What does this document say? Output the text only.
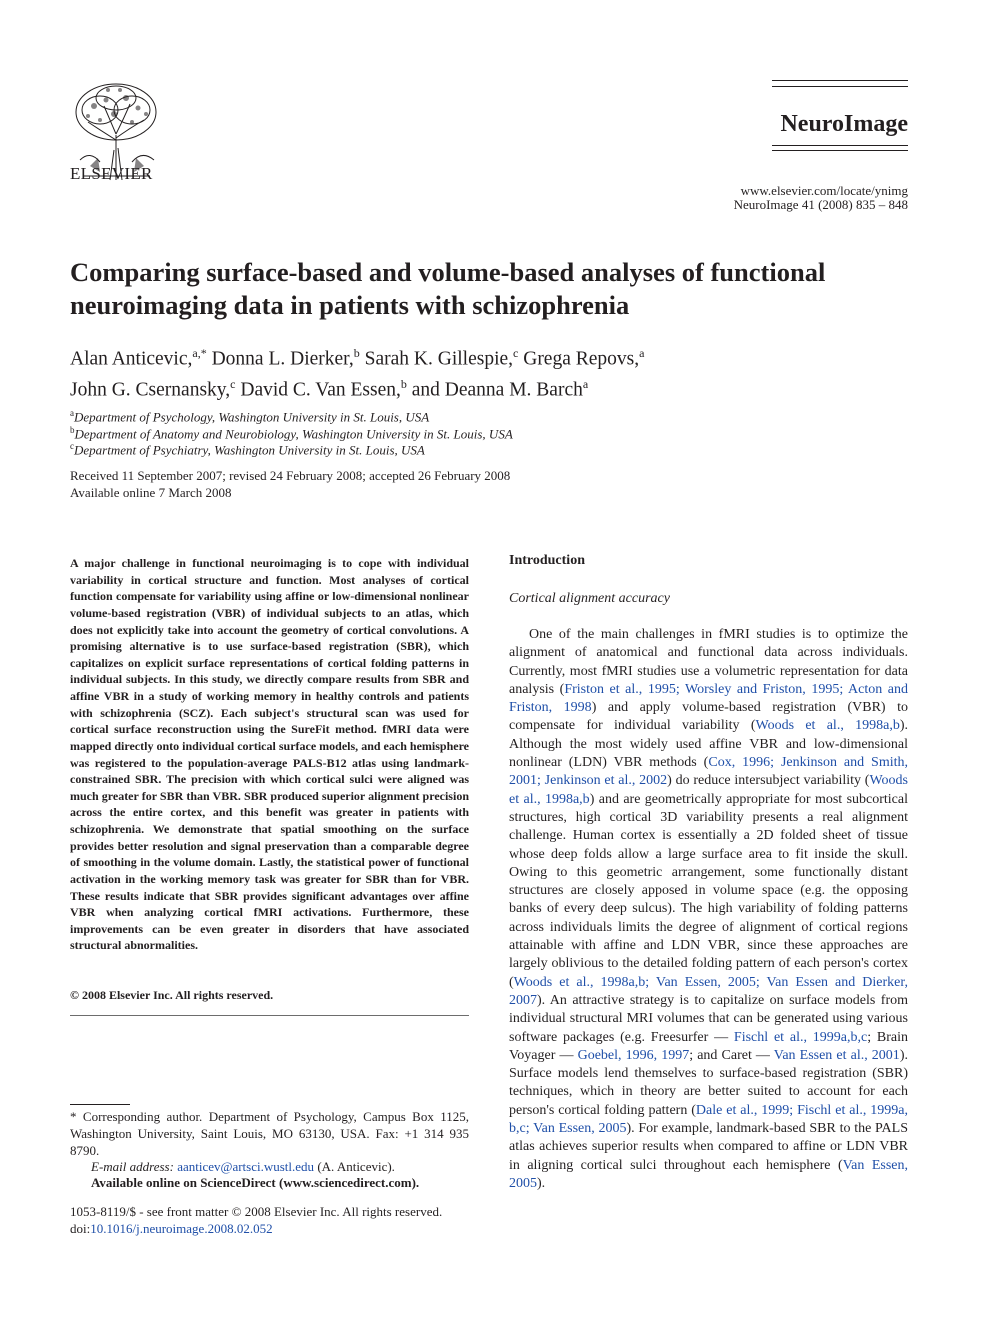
ELSEVIER
NeuroImage
www.elsevier.com/locate/ynimg
NeuroImage 41 (2008) 835 – 848
Comparing surface-based and volume-based analyses of functional
neuroimaging data in patients with schizophrenia
Alan Anticevic,$^{a,*}$ Donna L. Dierker,$^b$ Sarah K. Gillespie,$^c$ Grega Repovs,$^a$
John G. Csernansky,$^c$ David C. Van Essen,$^b$ and Deanna M. Barch$^a$
$^a$Department of Psychology, Washington University in St. Louis, USA
$^b$Department of Anatomy and Neurobiology, Washington University in St. Louis, USA
$^c$Department of Psychiatry, Washington University in St. Louis, USA
Received 11 September 2007; revised 24 February 2008; accepted 26 February 2008
Available online 7 March 2008
A major challenge in functional neuroimaging is to cope with individual variability in cortical structure and function. Most analyses of cortical function compensate for variability using affine or low-dimensional nonlinear volume-based registration (VBR) of individual subjects to an atlas, which does not explicitly take into account the geometry of cortical convolutions. A promising alternative is to use surface-based registration (SBR), which capitalizes on explicit surface representations of cortical folding patterns in individual subjects. In this study, we directly compare results from SBR and affine VBR in a study of working memory in healthy controls and patients with schizophrenia (SCZ). Each subject's structural scan was used for cortical surface reconstruction using the SureFit method. fMRI data were mapped directly onto individual cortical surface models, and each hemisphere was registered to the population-average PALS-B12 atlas using landmark-constrained SBR. The precision with which cortical sulci were aligned was much greater for SBR than VBR. SBR produced superior alignment precision across the entire cortex, and this benefit was greater in patients with schizophrenia. We demonstrate that spatial smoothing on the surface provides better resolution and signal preservation than a comparable degree of smoothing in the volume domain. Lastly, the statistical power of functional activation in the working memory task was greater for SBR than for VBR. These results indicate that SBR provides significant advantages over affine VBR when analyzing cortical fMRI activations. Furthermore, these improvements can be even greater in disorders that have associated structural abnormalities.
© 2008 Elsevier Inc. All rights reserved.
* Corresponding author. Department of Psychology, Campus Box 1125, Washington University, Saint Louis, MO 63130, USA. Fax: +1 314 935 8790.
E-mail address: aanticev@artsci.wustl.edu (A. Anticevic).
Available online on ScienceDirect (www.sciencedirect.com).
1053-8119/$ - see front matter © 2008 Elsevier Inc. All rights reserved.
doi:10.1016/j.neuroimage.2008.02.052
Introduction
Cortical alignment accuracy
One of the main challenges in fMRI studies is to optimize the alignment of anatomical and functional data across individuals. Currently, most fMRI studies use a volumetric representation for data analysis (Friston et al., 1995; Worsley and Friston, 1995; Acton and Friston, 1998) and apply volume-based registration (VBR) to compensate for individual variability (Woods et al., 1998a,b). Although the most widely used affine VBR and low-dimensional nonlinear (LDN) VBR methods (Cox, 1996; Jenkinson and Smith, 2001; Jenkinson et al., 2002) do reduce intersubject variability (Woods et al., 1998a,b) and are geometrically appropriate for most subcortical structures, high cortical 3D variability presents a real alignment challenge. Human cortex is essentially a 2D folded sheet of tissue whose deep folds allow a large surface area to fit inside the skull. Owing to this geometric arrangement, some functionally distant structures are closely apposed in volume space (e.g. the opposing banks of every deep sulcus). The high variability of folding patterns across individuals limits the degree of alignment of cortical regions attainable with affine and LDN VBR, since these approaches are largely oblivious to the detailed folding pattern of each person's cortex (Woods et al., 1998a,b; Van Essen, 2005; Van Essen and Dierker, 2007). An attractive strategy is to capitalize on surface models from individual structural MRI volumes that can be generated using various software packages (e.g. Freesurfer — Fischl et al., 1999a,b,c; Brain Voyager — Goebel, 1996, 1997; and Caret — Van Essen et al., 2001). Surface models lend themselves to surface-based registration (SBR) techniques, which in theory are better suited to account for each person's cortical folding pattern (Dale et al., 1999; Fischl et al., 1999a, b,c; Van Essen, 2005). For example, landmark-based SBR to the PALS atlas achieves superior results when compared to affine or LDN VBR in aligning cortical sulci throughout each hemisphere (Van Essen, 2005).
